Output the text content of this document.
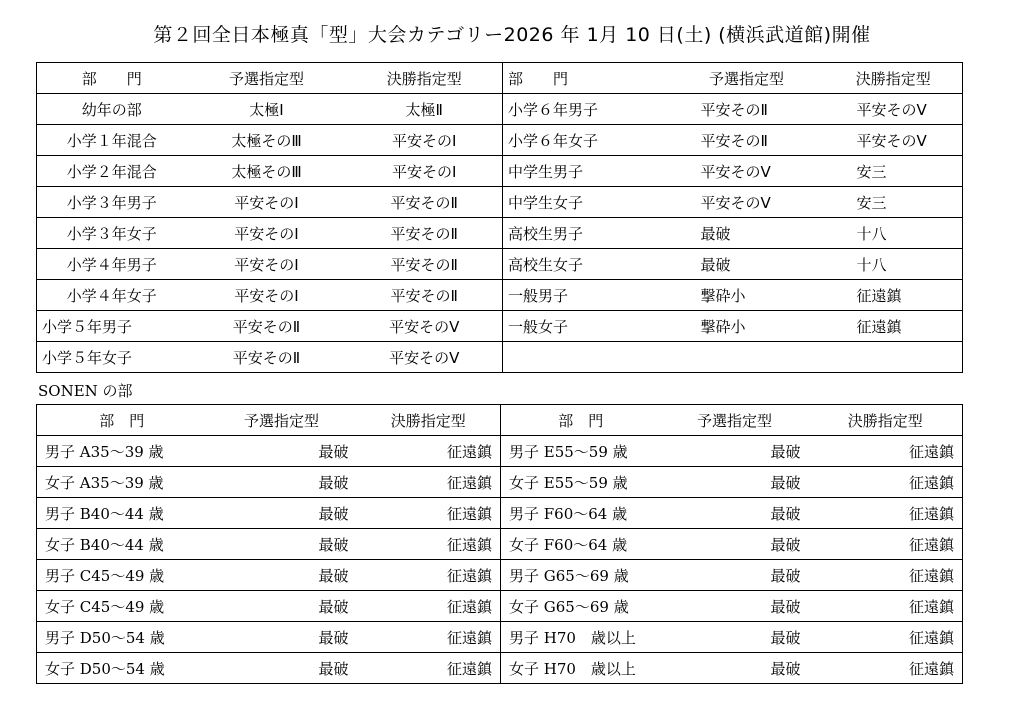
第２回全日本極真「型」大会カテゴリー2026 年 1月 10 日(土) (横浜武道館)開催
部　　門	予選指定型	決勝指定型	部　　門	予選指定型	決勝指定型
幼年の部	太極Ⅰ	太極Ⅱ	小学６年男子	平安そのⅡ	平安そのⅤ
小学１年混合	太極そのⅢ	平安そのⅠ	小学６年女子	平安そのⅡ	平安そのⅤ
小学２年混合	太極そのⅢ	平安そのⅠ	中学生男子	平安そのⅤ	安三
小学３年男子	平安そのⅠ	平安そのⅡ	中学生女子	平安そのⅤ	安三
小学３年女子	平安そのⅠ	平安そのⅡ	高校生男子	最破	十八
小学４年男子	平安そのⅠ	平安そのⅡ	高校生女子	最破	十八
小学４年女子	平安そのⅠ	平安そのⅡ	一般男子	撃砕小	征遠鎮
小学５年男子	平安そのⅡ	平安そのⅤ	一般女子	撃砕小	征遠鎮
小学５年女子	平安そのⅡ	平安そのⅤ			
SONEN の部
部　門	予選指定型	決勝指定型	部　門	予選指定型	決勝指定型
男子 A35～39 歳	最破	征遠鎮	男子 E55～59 歳	最破	征遠鎮
女子 A35～39 歳	最破	征遠鎮	女子 E55～59 歳	最破	征遠鎮
男子 B40～44 歳	最破	征遠鎮	男子 F60～64 歳	最破	征遠鎮
女子 B40～44 歳	最破	征遠鎮	女子 F60～64 歳	最破	征遠鎮
男子 C45～49 歳	最破	征遠鎮	男子 G65～69 歳	最破	征遠鎮
女子 C45～49 歳	最破	征遠鎮	女子 G65～69 歳	最破	征遠鎮
男子 D50～54 歳	最破	征遠鎮	男子 H70　歳以上	最破	征遠鎮
女子 D50～54 歳	最破	征遠鎮	女子 H70　歳以上	最破	征遠鎮
